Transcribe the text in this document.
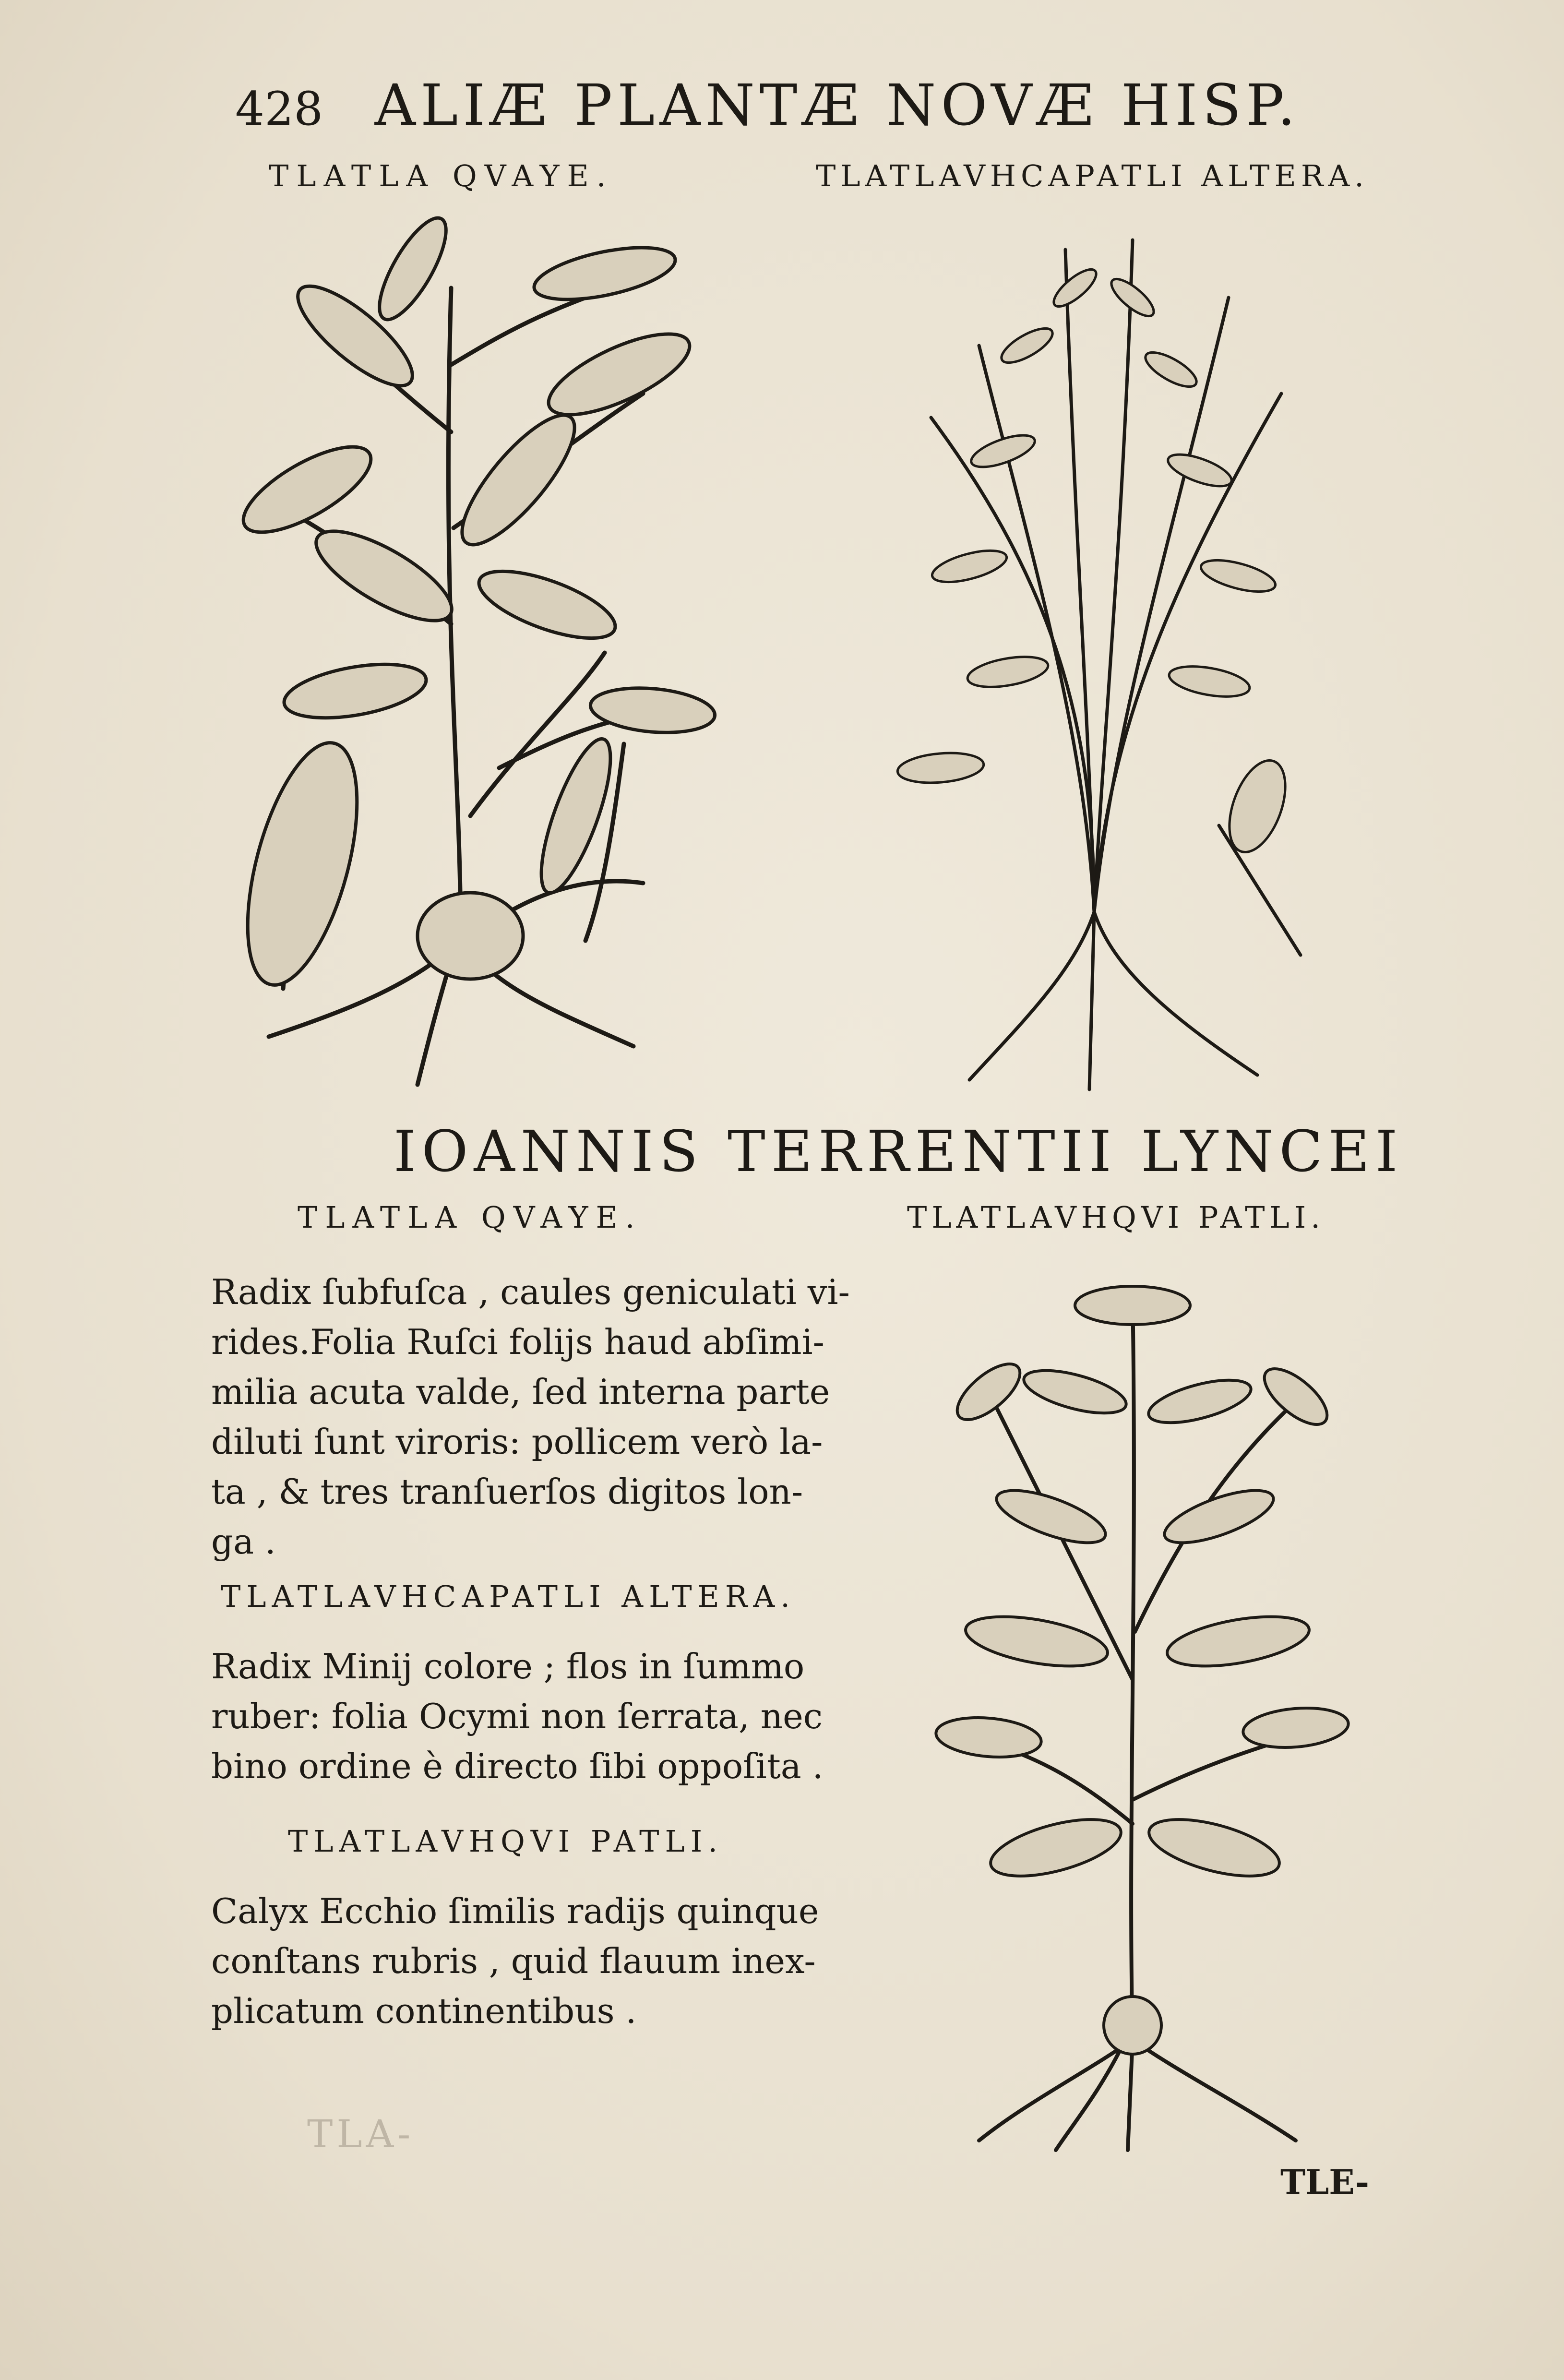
428 ALIÆ PLANTÆ NOVÆ HISP.
TLATLA QVAYE.	TLATLAVHCAPATLI ALTERA.
IOANNIS TERRENTII LYNCEI
TLATLA QVAYE.	TLATLAVHQVI PATLI.
Radix ſubfuſca , caules geniculati vi-
rides.Folia Ruſci folijs haud abſimi-
milia acuta valde, ſed interna parte
diluti ſunt viroris: pollicem verò la-
ta , & tres tranſuerſos digitos lon-
ga .
TLATLAVHCAPATLI ALTERA.
Radix Minij colore ; flos in ſummo
ruber: folia Ocymi non ſerrata, nec
bino ordine è directo ſibi oppoſita .
TLATLAVHQVI PATLI.
Calyx Ecchio ſimilis radijs quinque
conſtans rubris , quid flauum inex-
plicatum continentibus .
TLA-
TLE-
